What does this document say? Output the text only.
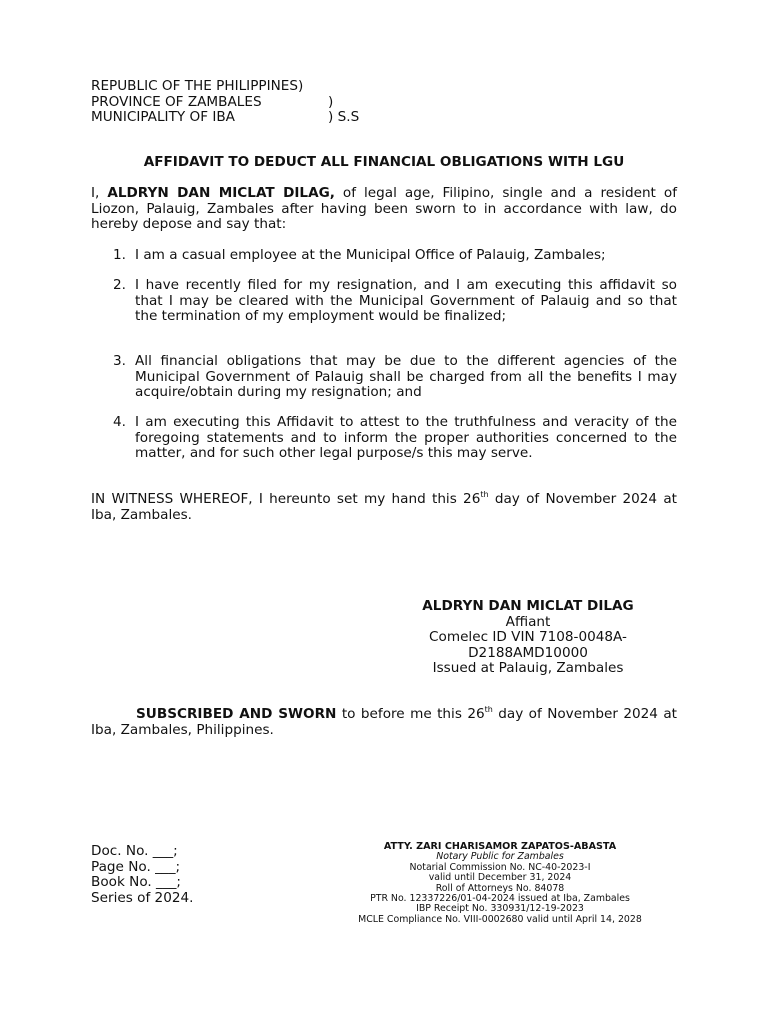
REPUBLIC OF THE PHILIPPINES)
PROVINCE OF ZAMBALES	)
MUNICIPALITY OF IBA	) S.S
AFFIDAVIT TO DEDUCT ALL FINANCIAL OBLIGATIONS WITH LGU
I, ALDRYN DAN MICLAT DILAG, of legal age, Filipino, single and a resident of Liozon, Palauig, Zambales after having been sworn to in accordance with law, do hereby depose and say that:
1. I am a casual employee at the Municipal Office of Palauig, Zambales;
2. I have recently filed for my resignation, and I am executing this affidavit so that I may be cleared with the Municipal Government of Palauig and so that the termination of my employment would be finalized;
3. All financial obligations that may be due to the different agencies of the Municipal Government of Palauig shall be charged from all the benefits I may acquire/obtain during my resignation; and
4. I am executing this Affidavit to attest to the truthfulness and veracity of the foregoing statements and to inform the proper authorities concerned to the matter, and for such other legal purpose/s this may serve.
IN WITNESS WHEREOF, I hereunto set my hand this 26th day of November 2024 at Iba, Zambales.
ALDRYN DAN MICLAT DILAG
Affiant
Comelec ID VIN 7108-0048A-
D2188AMD10000
Issued at Palauig, Zambales
SUBSCRIBED AND SWORN to before me this 26th day of November 2024 at Iba, Zambales, Philippines.
Doc. No. ___;
Page No. ___;
Book No. ___;
Series of 2024.
ATTY. ZARI CHARISAMOR ZAPATOS-ABASTA
Notary Public for Zambales
Notarial Commission No. NC-40-2023-I
valid until December 31, 2024
Roll of Attorneys No. 84078
PTR No. 12337226/01-04-2024 issued at Iba, Zambales
IBP Receipt No. 330931/12-19-2023
MCLE Compliance No. VIII-0002680 valid until April 14, 2028
